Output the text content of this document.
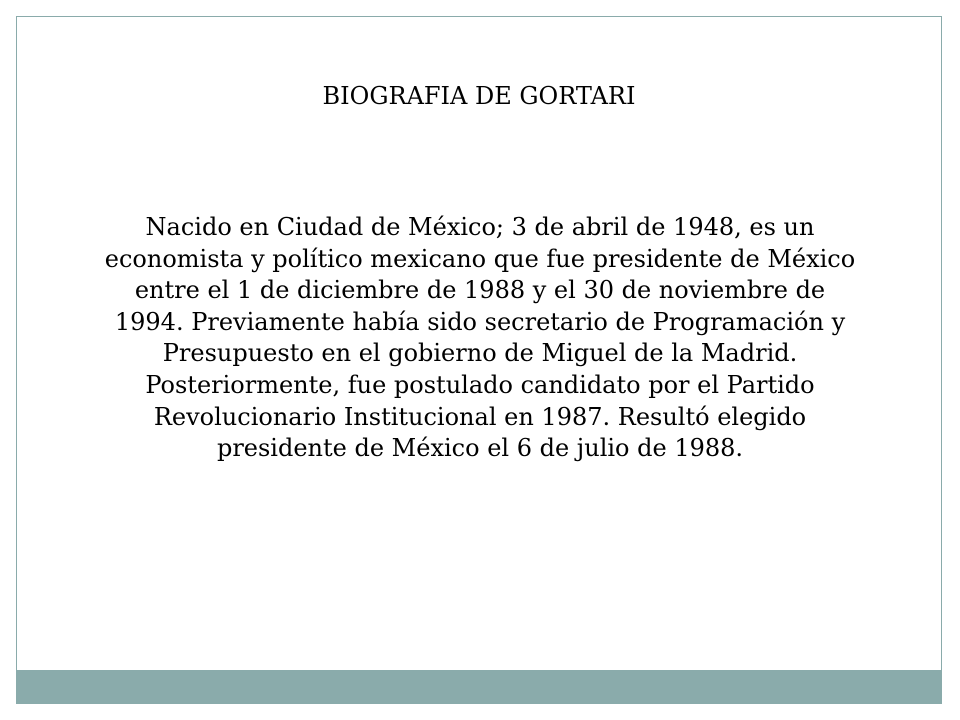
BIOGRAFIA DE GORTARI

Nacido en Ciudad de México; 3 de abril de 1948, es un economista y político mexicano que fue presidente de México entre el 1 de diciembre de 1988 y el 30 de noviembre de 1994. Previamente había sido secretario de Programación y Presupuesto en el gobierno de Miguel de la Madrid. Posteriormente, fue postulado candidato por el Partido Revolucionario Institucional en 1987. Resultó elegido presidente de México el 6 de julio de 1988.
